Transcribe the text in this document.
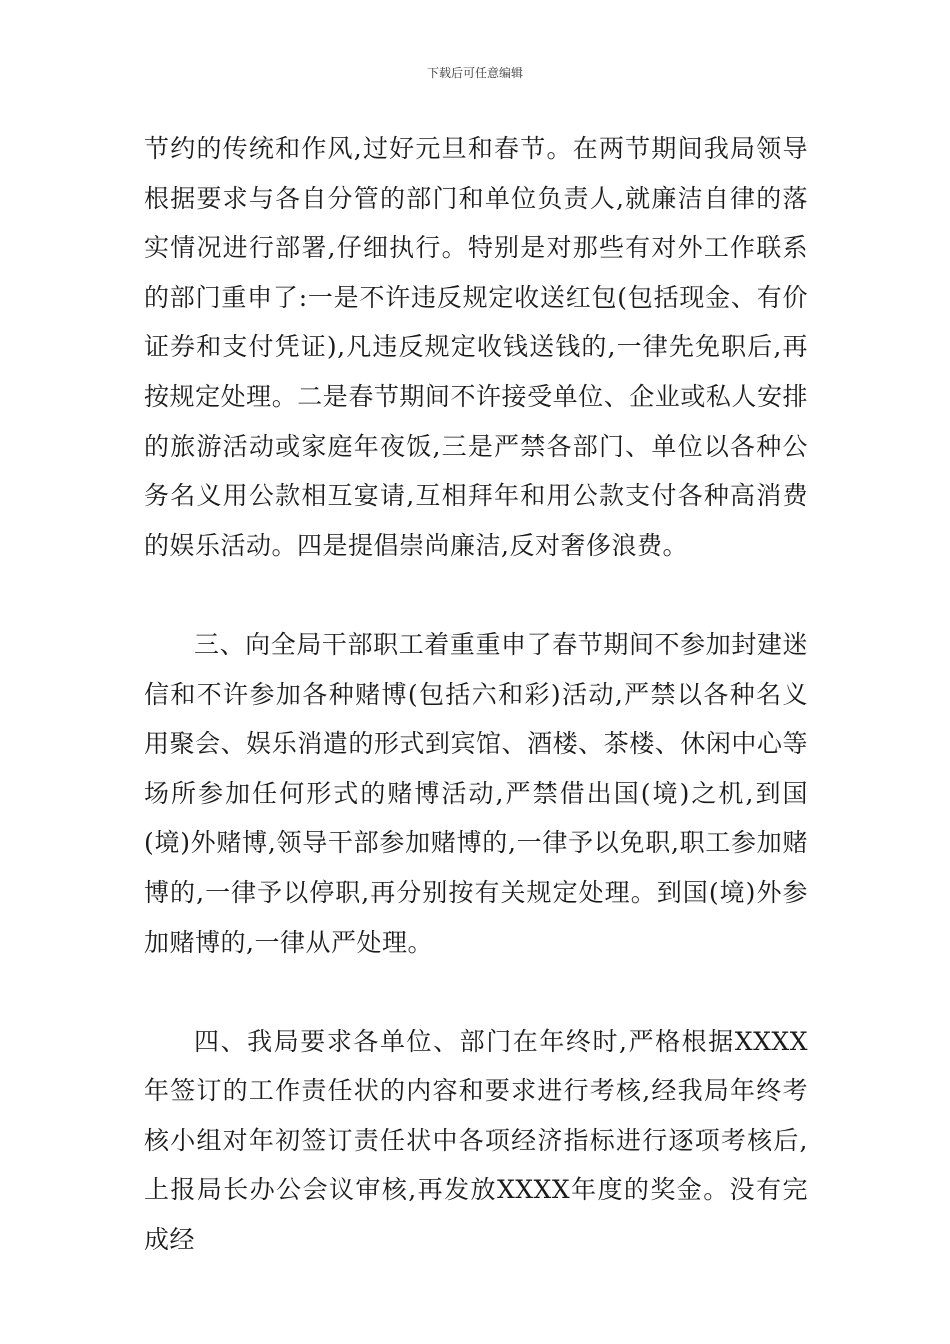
下载后可任意编辑

节约的传统和作风,过好元旦和春节。在两节期间我局领导根据要求与各自分管的部门和单位负责人,就廉洁自律的落实情况进行部署,仔细执行。特别是对那些有对外工作联系的部门重申了:一是不许违反规定收送红包(包括现金、有价证券和支付凭证),凡违反规定收钱送钱的,一律先免职后,再按规定处理。二是春节期间不许接受单位、企业或私人安排的旅游活动或家庭年夜饭,三是严禁各部门、单位以各种公务名义用公款相互宴请,互相拜年和用公款支付各种高消费的娱乐活动。四是提倡崇尚廉洁,反对奢侈浪费。

三、向全局干部职工着重重申了春节期间不参加封建迷信和不许参加各种赌博(包括六和彩)活动,严禁以各种名义用聚会、娱乐消遣的形式到宾馆、酒楼、茶楼、休闲中心等场所参加任何形式的赌博活动,严禁借出国(境)之机,到国(境)外赌博,领导干部参加赌博的,一律予以免职,职工参加赌博的,一律予以停职,再分别按有关规定处理。到国(境)外参加赌博的,一律从严处理。

四、我局要求各单位、部门在年终时,严格根据XXXX年签订的工作责任状的内容和要求进行考核,经我局年终考核小组对年初签订责任状中各项经济指标进行逐项考核后,上报局长办公会议审核,再发放XXXX年度的奖金。没有完成经
